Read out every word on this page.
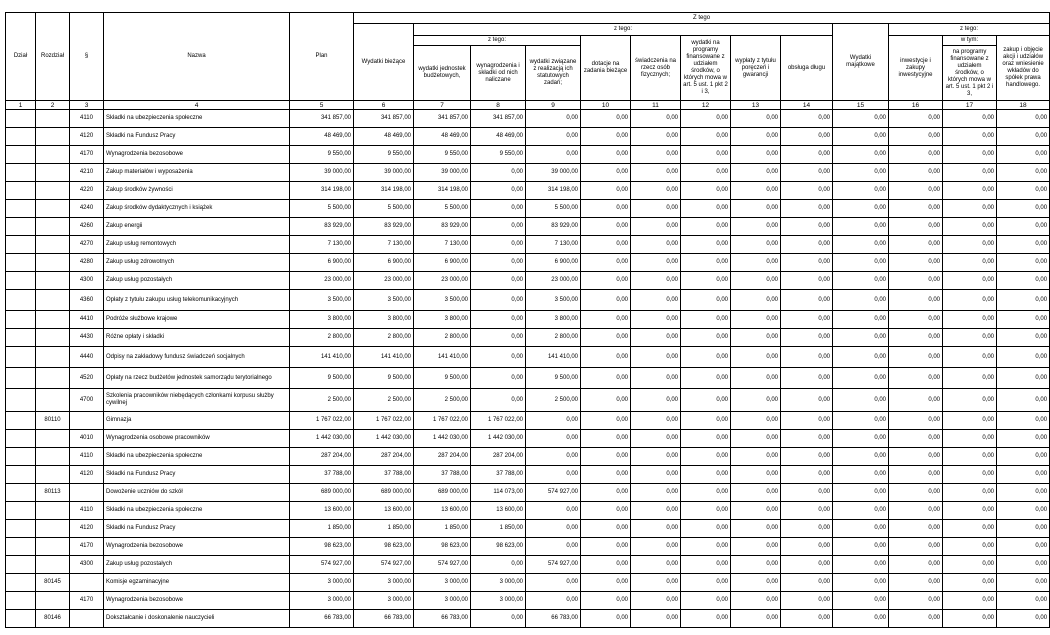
Dział	Rozdział	§	Nazwa	Plan	Z tego												
					Wydatki bieżące	z tego:								Wydatki majątkowe	z tego:		
						z tego:			dotacje na zadania bieżące	świadczenia na rzecz osób fizycznych;	wydatki na programy finansowane z udziałem środków, o których mowa w art. 5 ust. 1 pkt 2 i 3,	wypłaty z tytułu poręczeń i gwarancji	obsługa długu		inwestycje i zakupy inwestycyjne	w tym:	zakup i objęcie akcji i udziałów oraz wniesienie wkładów do spółek prawa handlowego.
						wydatki jednostek budżetowych,	wynagrodzenia i składki od nich naliczane	wydatki związane z realizacją ich statutowych zadań;								na programy finansowane z udziałem środków, o których mowa w art. 5 ust. 1 pkt 2 i 3,	
1	2	3	4	5	6	7	8	9	10	11	12	13	14	15	16	17	18
		4110	Składki na ubezpieczenia społeczne	341 857,00	341 857,00	341 857,00	341 857,00	0,00	0,00	0,00	0,00	0,00	0,00	0,00	0,00	0,00	0,00
		4120	Składki na Fundusz Pracy	48 469,00	48 469,00	48 469,00	48 469,00	0,00	0,00	0,00	0,00	0,00	0,00	0,00	0,00	0,00	0,00
		4170	Wynagrodzenia bezosobowe	9 550,00	9 550,00	9 550,00	9 550,00	0,00	0,00	0,00	0,00	0,00	0,00	0,00	0,00	0,00	0,00
		4210	Zakup materiałów i wyposażenia	39 000,00	39 000,00	39 000,00	0,00	39 000,00	0,00	0,00	0,00	0,00	0,00	0,00	0,00	0,00	0,00
		4220	Zakup środków żywności	314 198,00	314 198,00	314 198,00	0,00	314 198,00	0,00	0,00	0,00	0,00	0,00	0,00	0,00	0,00	0,00
		4240	Zakup środków dydaktycznych i książek	5 500,00	5 500,00	5 500,00	0,00	5 500,00	0,00	0,00	0,00	0,00	0,00	0,00	0,00	0,00	0,00
		4260	Zakup energii	83 929,00	83 929,00	83 929,00	0,00	83 929,00	0,00	0,00	0,00	0,00	0,00	0,00	0,00	0,00	0,00
		4270	Zakup usług remontowych	7 130,00	7 130,00	7 130,00	0,00	7 130,00	0,00	0,00	0,00	0,00	0,00	0,00	0,00	0,00	0,00
		4280	Zakup usług zdrowotnych	6 900,00	6 900,00	6 900,00	0,00	6 900,00	0,00	0,00	0,00	0,00	0,00	0,00	0,00	0,00	0,00
		4300	Zakup usług pozostałych	23 000,00	23 000,00	23 000,00	0,00	23 000,00	0,00	0,00	0,00	0,00	0,00	0,00	0,00	0,00	0,00
		4360	Opłaty z tytułu zakupu usług telekomunikacyjnych	3 500,00	3 500,00	3 500,00	0,00	3 500,00	0,00	0,00	0,00	0,00	0,00	0,00	0,00	0,00	0,00
		4410	Podróże służbowe krajowe	3 800,00	3 800,00	3 800,00	0,00	3 800,00	0,00	0,00	0,00	0,00	0,00	0,00	0,00	0,00	0,00
		4430	Różne opłaty i składki	2 800,00	2 800,00	2 800,00	0,00	2 800,00	0,00	0,00	0,00	0,00	0,00	0,00	0,00	0,00	0,00
		4440	Odpisy na zakładowy fundusz świadczeń socjalnych	141 410,00	141 410,00	141 410,00	0,00	141 410,00	0,00	0,00	0,00	0,00	0,00	0,00	0,00	0,00	0,00
		4520	Opłaty na rzecz budżetów jednostek samorządu terytorialnego	9 500,00	9 500,00	9 500,00	0,00	9 500,00	0,00	0,00	0,00	0,00	0,00	0,00	0,00	0,00	0,00
		4700	Szkolenia pracowników niebędących członkami korpusu służby cywilnej	2 500,00	2 500,00	2 500,00	0,00	2 500,00	0,00	0,00	0,00	0,00	0,00	0,00	0,00	0,00	0,00
	80110		Gimnazja	1 767 022,00	1 767 022,00	1 767 022,00	1 767 022,00	0,00	0,00	0,00	0,00	0,00	0,00	0,00	0,00	0,00	0,00
		4010	Wynagrodzenia osobowe pracowników	1 442 030,00	1 442 030,00	1 442 030,00	1 442 030,00	0,00	0,00	0,00	0,00	0,00	0,00	0,00	0,00	0,00	0,00
		4110	Składki na ubezpieczenia społeczne	287 204,00	287 204,00	287 204,00	287 204,00	0,00	0,00	0,00	0,00	0,00	0,00	0,00	0,00	0,00	0,00
		4120	Składki na Fundusz Pracy	37 788,00	37 788,00	37 788,00	37 788,00	0,00	0,00	0,00	0,00	0,00	0,00	0,00	0,00	0,00	0,00
	80113		Dowożenie uczniów do szkół	689 000,00	689 000,00	689 000,00	114 073,00	574 927,00	0,00	0,00	0,00	0,00	0,00	0,00	0,00	0,00	0,00
		4110	Składki na ubezpieczenia społeczne	13 600,00	13 600,00	13 600,00	13 600,00	0,00	0,00	0,00	0,00	0,00	0,00	0,00	0,00	0,00	0,00
		4120	Składki na Fundusz Pracy	1 850,00	1 850,00	1 850,00	1 850,00	0,00	0,00	0,00	0,00	0,00	0,00	0,00	0,00	0,00	0,00
		4170	Wynagrodzenia bezosobowe	98 623,00	98 623,00	98 623,00	98 623,00	0,00	0,00	0,00	0,00	0,00	0,00	0,00	0,00	0,00	0,00
		4300	Zakup usług pozostałych	574 927,00	574 927,00	574 927,00	0,00	574 927,00	0,00	0,00	0,00	0,00	0,00	0,00	0,00	0,00	0,00
	80145		Komisje egzaminacyjne	3 000,00	3 000,00	3 000,00	3 000,00	0,00	0,00	0,00	0,00	0,00	0,00	0,00	0,00	0,00	0,00
		4170	Wynagrodzenia bezosobowe	3 000,00	3 000,00	3 000,00	3 000,00	0,00	0,00	0,00	0,00	0,00	0,00	0,00	0,00	0,00	0,00
	80146		Dokształcanie i doskonalenie nauczycieli	66 783,00	66 783,00	66 783,00	0,00	66 783,00	0,00	0,00	0,00	0,00	0,00	0,00	0,00	0,00	0,00
